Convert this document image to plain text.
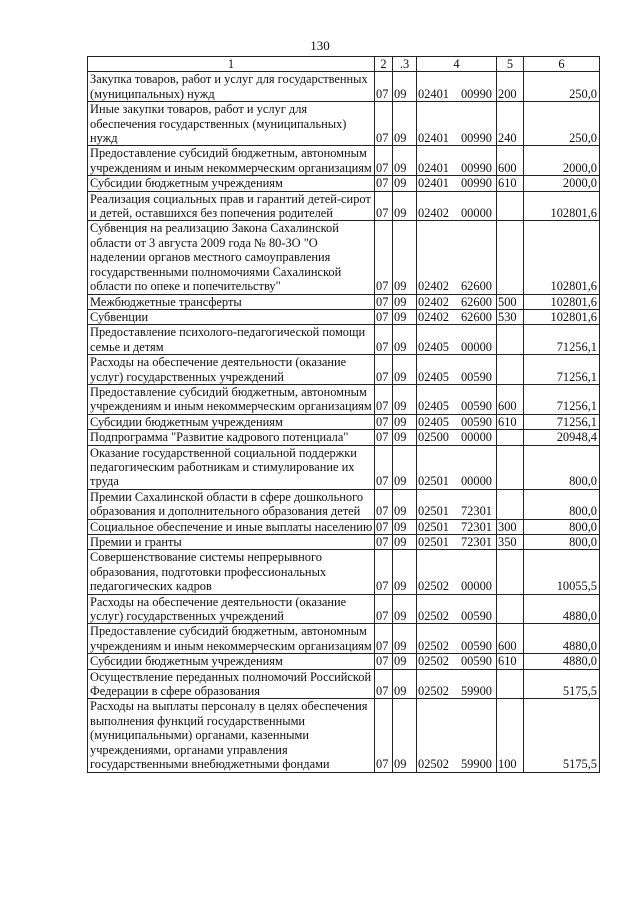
130
1	2	.3	4	5	6
Закупка товаров, работ и услуг для государственных (муниципальных) нужд	07	09	02401 00990	200	250,0
Иные закупки товаров, работ и услуг для обеспечения государственных (муниципальных) нужд	07	09	02401 00990	240	250,0
Предоставление субсидий бюджетным, автономным учреждениям и иным некоммерческим организациям	07	09	02401 00990	600	2000,0
Субсидии бюджетным учреждениям	07	09	02401 00990	610	2000,0
Реализация социальных прав и гарантий детей-сирот и детей, оставшихся без попечения родителей	07	09	02402 00000		102801,6
Субвенция на реализацию Закона Сахалинской области от 3 августа 2009 года № 80-ЗО "О наделении органов местного самоуправления государственными полномочиями Сахалинской области по опеке и попечительству"	07	09	02402 62600		102801,6
Межбюджетные трансферты	07	09	02402 62600	500	102801,6
Субвенции	07	09	02402 62600	530	102801,6
Предоставление психолого-педагогической помощи семье и детям	07	09	02405 00000		71256,1
Расходы на обеспечение деятельности (оказание услуг) государственных учреждений	07	09	02405 00590		71256,1
Предоставление субсидий бюджетным, автономным учреждениям и иным некоммерческим организациям	07	09	02405 00590	600	71256,1
Субсидии бюджетным учреждениям	07	09	02405 00590	610	71256,1
Подпрограмма "Развитие кадрового потенциала"	07	09	02500 00000		20948,4
Оказание государственной социальной поддержки педагогическим работникам и стимулирование их труда	07	09	02501 00000		800,0
Премии Сахалинской области в сфере дошкольного образования и дополнительного образования детей	07	09	02501 72301		800,0
Социальное обеспечение и иные выплаты населению	07	09	02501 72301	300	800,0
Премии и гранты	07	09	02501 72301	350	800,0
Совершенствование системы непрерывного образования, подготовки профессиональных педагогических кадров	07	09	02502 00000		10055,5
Расходы на обеспечение деятельности (оказание услуг) государственных учреждений	07	09	02502 00590		4880,0
Предоставление субсидий бюджетным, автономным учреждениям и иным некоммерческим организациям	07	09	02502 00590	600	4880,0
Субсидии бюджетным учреждениям	07	09	02502 00590	610	4880,0
Осуществление переданных полномочий Российской Федерации в сфере образования	07	09	02502 59900		5175,5
Расходы на выплаты персоналу в целях обеспечения выполнения функций государственными (муниципальными) органами, казенными учреждениями, органами управления государственными внебюджетными фондами	07	09	02502 59900	100	5175,5
